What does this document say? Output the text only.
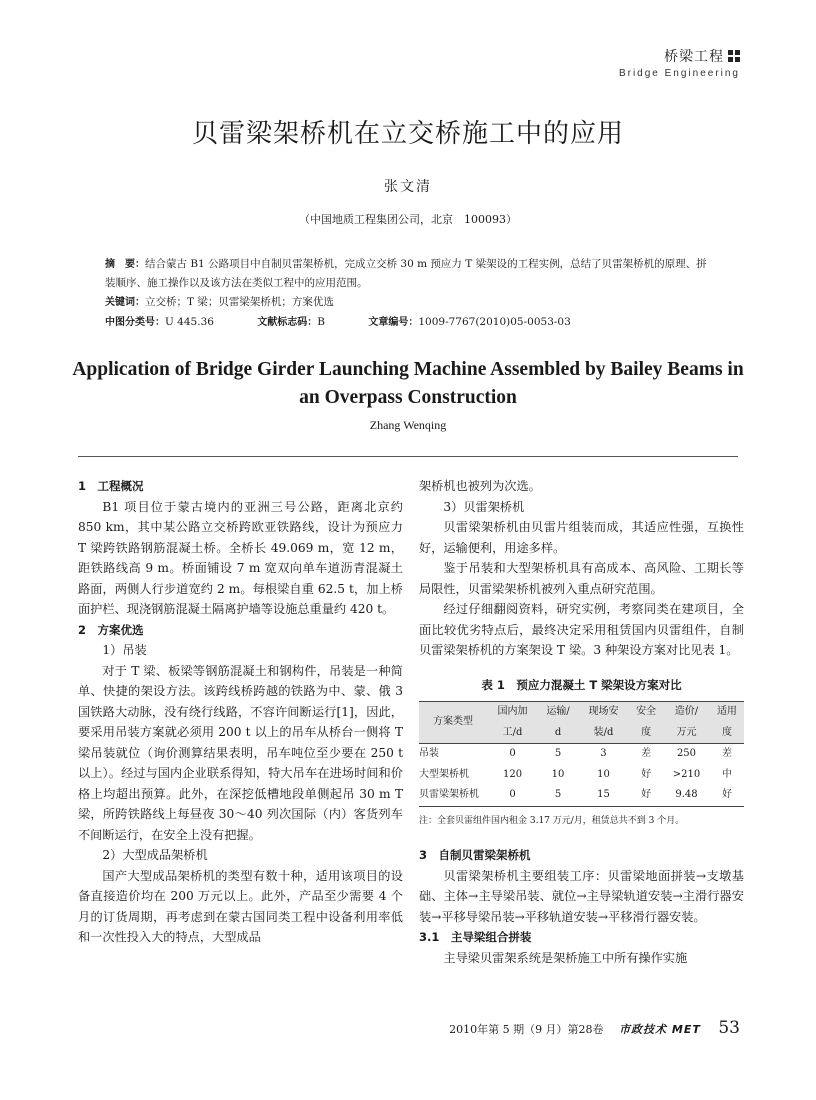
桥梁工程
Bridge Engineering
贝雷梁架桥机在立交桥施工中的应用
张文清
（中国地质工程集团公司，北京　100093）
摘　要：结合蒙古 B1 公路项目中自制贝雷架桥机，完成立交桥 30 m 预应力 T 梁架设的工程实例，总结了贝雷架桥机的原理、拼装顺序、施工操作以及该方法在类似工程中的应用范围。
关键词：立交桥；T 梁；贝雷梁架桥机；方案优选
中图分类号：U 445.36	文献标志码：B	文章编号：1009-7767(2010)05-0053-03
Application of Bridge Girder Launching Machine Assembled by Bailey Beams in an Overpass Construction
Zhang Wenqing

1　工程概况

B1 项目位于蒙古境内的亚洲三号公路，距离北京约 850 km，其中某公路立交桥跨欧亚铁路线，设计为预应力 T 梁跨铁路钢筋混凝土桥。全桥长 49.069 m，宽 12 m，距铁路线高 9 m。桥面铺设 7 m 宽双向单车道沥青混凝土路面，两侧人行步道宽约 2 m。每根梁自重 62.5 t，加上桥面护栏、现浇钢筋混凝土隔离护墙等设施总重量约 420 t。

2　方案优选

1）吊装

对于 T 梁、板梁等钢筋混凝土和钢构件，吊装是一种简单、快捷的架设方法。该跨线桥跨越的铁路为中、蒙、俄 3 国铁路大动脉，没有绕行线路，不容许间断运行[1]，因此，要采用吊装方案就必须用 200 t 以上的吊车从桥台一侧将 T 梁吊装就位（询价测算结果表明，吊车吨位至少要在 250 t 以上）。经过与国内企业联系得知，特大吊车在进场时间和价格上均超出预算。此外，在深挖低槽地段单侧起吊 30 m T 梁，所跨铁路线上每昼夜 30～40 列次国际（内）客货列车不间断运行，在安全上没有把握。

2）大型成品架桥机

国产大型成品架桥机的类型有数十种，适用该项目的设备直接造价均在 200 万元以上。此外，产品至少需要 4 个月的订货周期，再考虑到在蒙古国同类工程中设备利用率低和一次性投入大的特点，大型成品

架桥机也被列为次选。

3）贝雷架桥机

贝雷梁架桥机由贝雷片组装而成，其适应性强，互换性好，运输便利，用途多样。

鉴于吊装和大型架桥机具有高成本、高风险、工期长等局限性，贝雷梁架桥机被列入重点研究范围。

经过仔细翻阅资料，研究实例，考察同类在建项目，全面比较优劣特点后，最终决定采用租赁国内贝雷组件，自制贝雷梁架桥机的方案架设 T 梁。3 种架设方案对比见表 1。

表 1　预应力混凝土 T 梁架设方案对比
方案类型	国内加	运输/	现场安	安全	造价/	适用
	工/d	d	装/d	度	万元	度
吊装	0	5	3	差	250	差
大型架桥机	120	10	10	好	>210	中
贝雷梁架桥机	0	5	15	好	9.48	好
注：全套贝雷组件国内租金 3.17 万元/月，租赁总共不到 3 个月。

3　自制贝雷梁架桥机

贝雷梁架桥机主要组装工序：贝雷梁地面拼装→支墩基础、主体→主导梁吊装、就位→主导梁轨道安装→主滑行器安装→平移导梁吊装→平移轨道安装→平移滑行器安装。

3.1　主导梁组合拼装

主导梁贝雷架系统是架桥施工中所有操作实施

2010年第 5 期（9 月）第28卷 市政技术 MET 53
